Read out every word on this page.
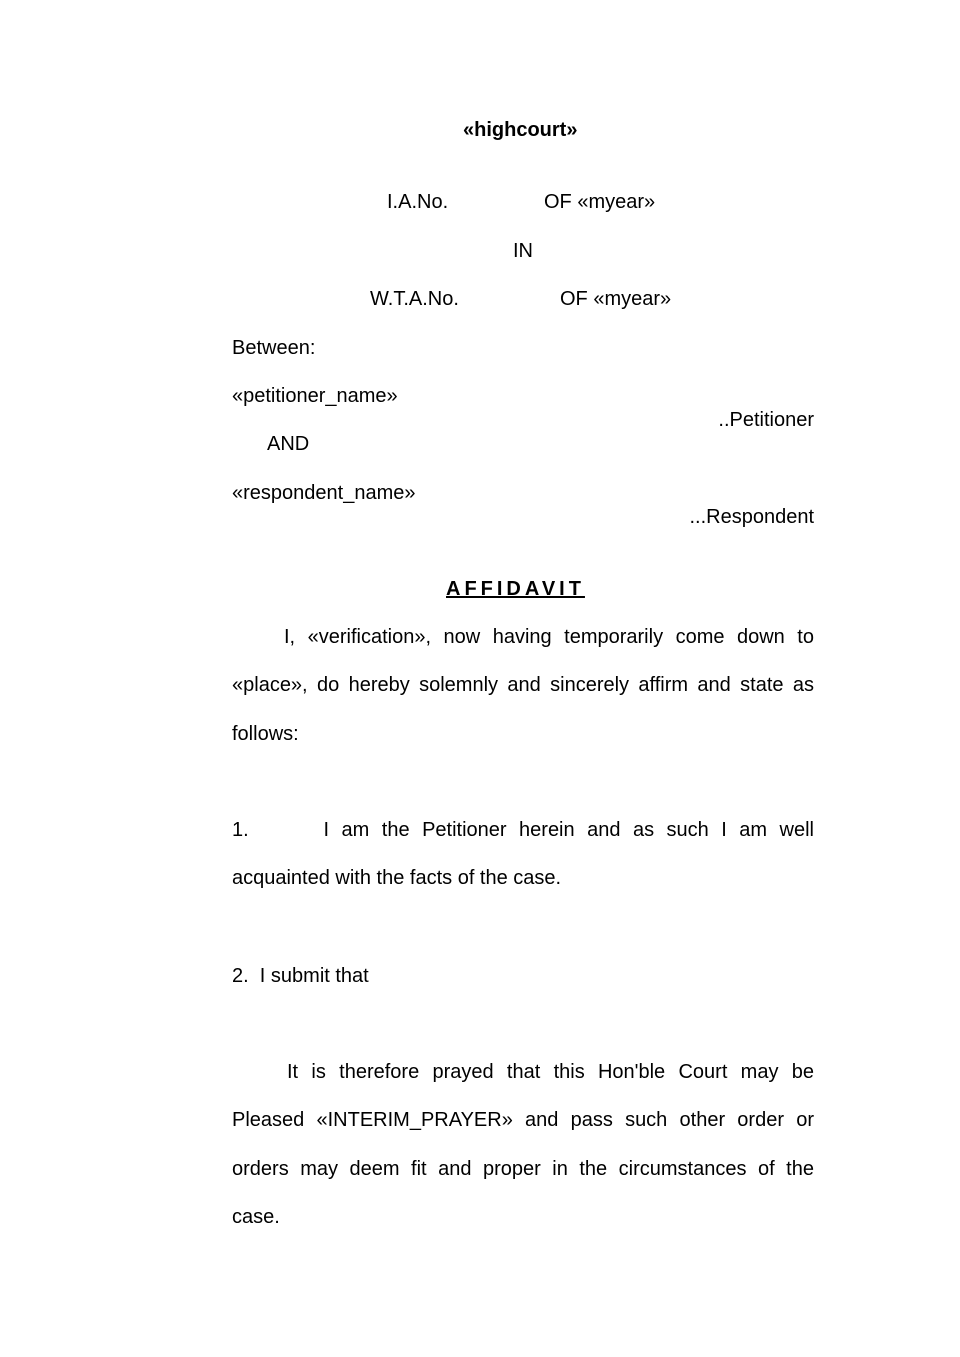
«highcourt»
I.A.No.	OF «myear»
IN
W.T.A.No.	OF «myear»
Between:
«petitioner_name»
..Petitioner
AND
«respondent_name»
...Respondent
AFFIDAVIT
I, «verification», now having temporarily come down to
«place», do hereby solemnly and sincerely affirm and state as
follows:
1.      I am the Petitioner herein and as such I am well
acquainted with the facts of the case.
2.  I submit that
It is therefore prayed that this Hon'ble Court may be
Pleased «INTERIM_PRAYER» and pass such other order or
orders may deem fit and proper in the circumstances of the
case.
